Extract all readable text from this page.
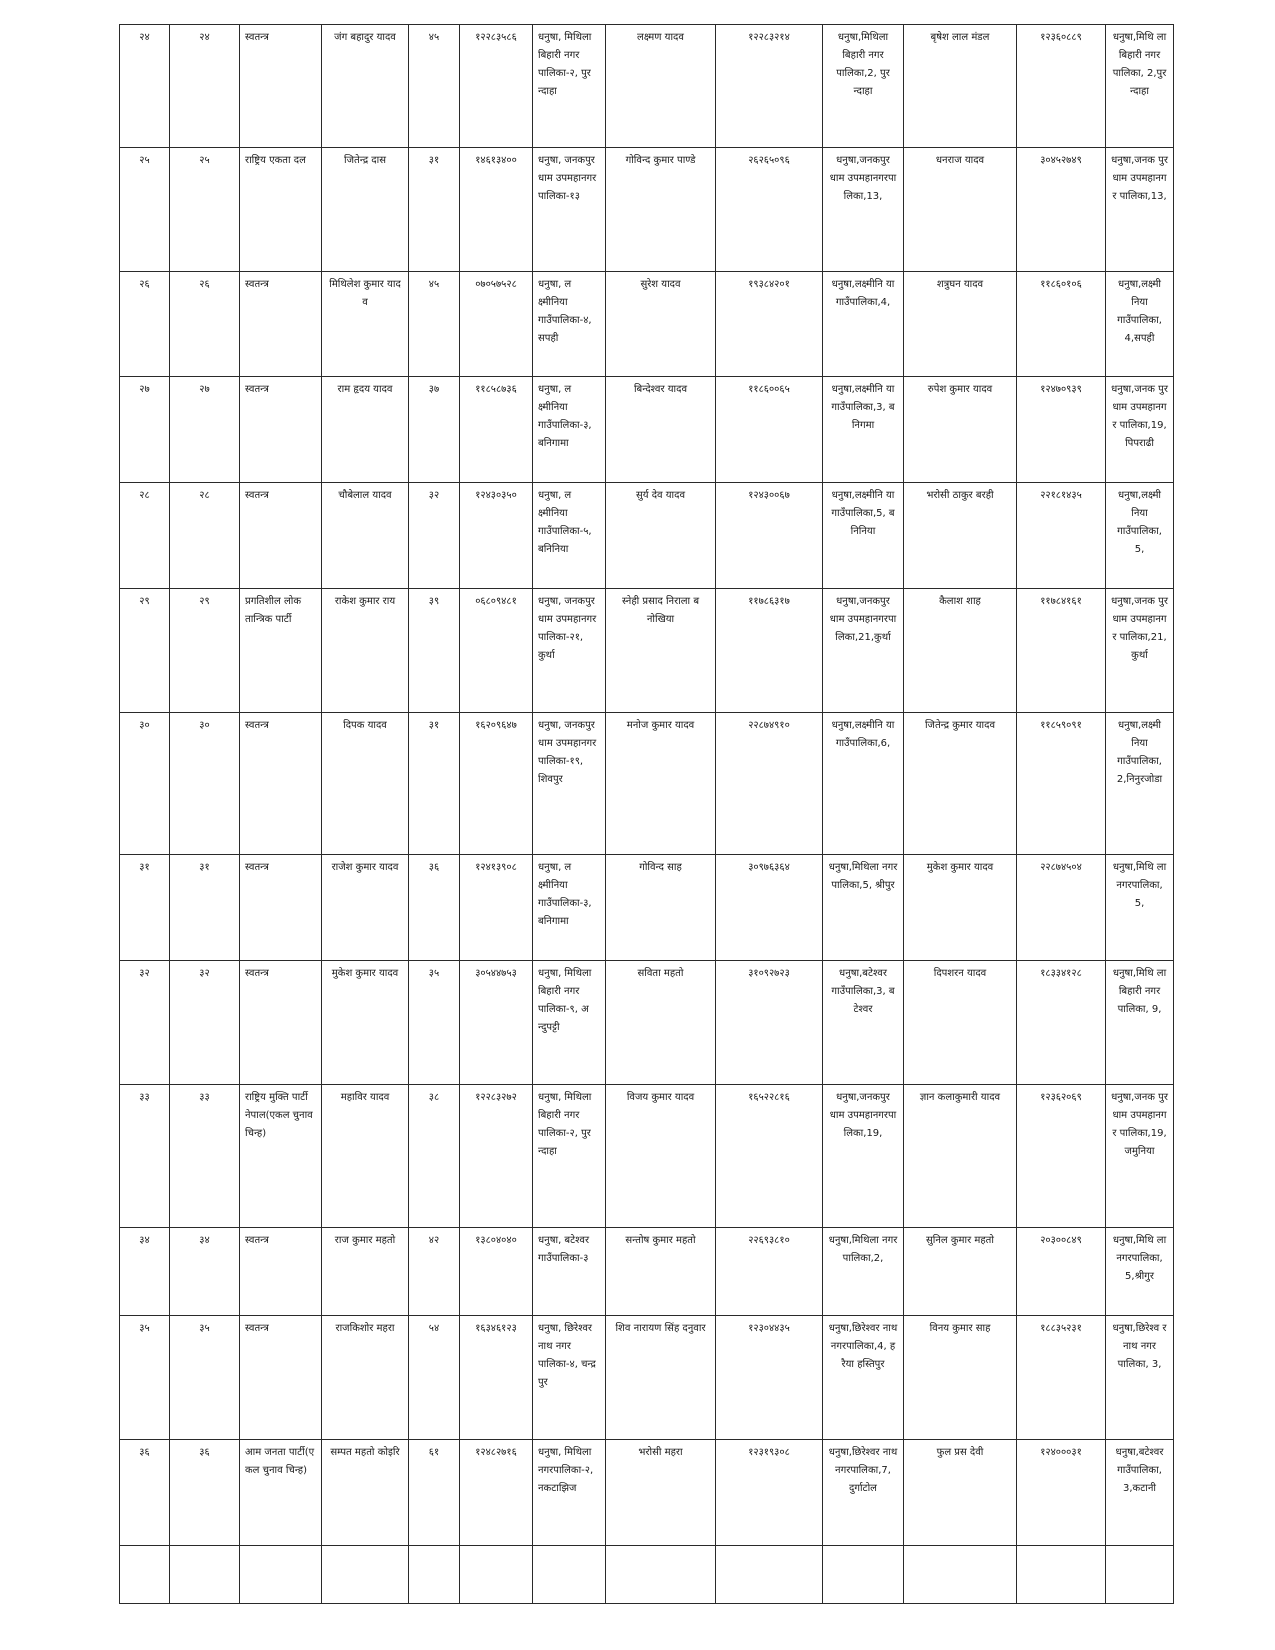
२४	२४	स्वतन्त्र	जंग बहादुर यादव	४५	१२२८३५८६	धनुषा, मिथिला बिहारी नगरपालिका-२, पुरन्दाहा	लक्ष्मण यादव	१२२८३२१४	धनुषा,मिथिला बिहारी नगरपालिका,2, पुरन्दाहा	बृषेश लाल मंडल	१२३६०८८९	धनुषा,मिथि ला बिहारी नगरपालिका, 2,पुरन्दाहा
२५	२५	राष्ट्रिय एकता दल	जितेन्द्र दास	३१	१४६१३४००	धनुषा, जनकपुरधाम उपमहानगरपालिका-१३	गोविन्द कुमार पाण्डे	२६२६५०९६	धनुषा,जनकपुर धाम उपमहानगरपा लिका,13,	धनराज यादव	३०४५२७४९	धनुषा,जनक पुरधाम उपमहानगर पालिका,13,
२६	२६	स्वतन्त्र	मिथिलेश कुमार यादव	४५	०७०५७५२८	धनुषा, लक्ष्मीनिया गाउँपालिका-४, सपही	सुरेश यादव	१९३८४२०१	धनुषा,लक्ष्मीनि या गाउँपालिका,4,	शत्रुघन यादव	११८६०१०६	धनुषा,लक्ष्मी निया गाउँपालिका, 4,सपही
२७	२७	स्वतन्त्र	राम हृदय यादव	३७	११८५८७३६	धनुषा, लक्ष्मीनिया गाउँपालिका-३, बनिगामा	बिन्देश्वर यादव	११८६००६५	धनुषा,लक्ष्मीनि या गाउँपालिका,3, बनिगमा	रुपेश कुमार यादव	१२४७०९३९	धनुषा,जनक पुरधाम उपमहानगर पालिका,19, पिपराढी
२८	२८	स्वतन्त्र	चौबेलाल यादव	३२	१२४३०३५०	धनुषा, लक्ष्मीनिया गाउँपालिका-५, बनिनिया	सुर्य देव यादव	१२४३००६७	धनुषा,लक्ष्मीनि या गाउँपालिका,5, बनिनिया	भरोसी ठाकुर बरही	२२१८१४३५	धनुषा,लक्ष्मी निया गाउँपालिका, 5,
२९	२९	प्रगतिशील लोकतान्त्रिक पार्टी	राकेश कुमार राय	३९	०६८०९४८१	धनुषा, जनकपुरधाम उपमहानगरपालिका-२१, कुर्था	स्नेही प्रसाद निराला बनोखिया	११७८६३१७	धनुषा,जनकपुर धाम उपमहानगरपा लिका,21,कुर्था	कैलाश शाह	११७८४१६१	धनुषा,जनक पुरधाम उपमहानगर पालिका,21, कुर्था
३०	३०	स्वतन्त्र	दिपक यादव	३१	१६२०९६४७	धनुषा, जनकपुरधाम उपमहानगरपालिका-१९, शिवपुर	मनोज कुमार यादव	२२८७४९१०	धनुषा,लक्ष्मीनि या गाउँपालिका,6,	जितेन्द्र कुमार यादव	११८५९०९१	धनुषा,लक्ष्मी निया गाउँपालिका, 2,निनुरजोडा
३१	३१	स्वतन्त्र	राजेश कुमार यादव	३६	१२४१३९०८	धनुषा, लक्ष्मीनिया गाउँपालिका-३, बनिगामा	गोविन्द साह	३०९७६३६४	धनुषा,मिथिला नगरपालिका,5, श्रीपुर	मुकेश कुमार यादव	२२८७४५०४	धनुषा,मिथि ला नगरपालिका, 5,
३२	३२	स्वतन्त्र	मुकेश कुमार यादव	३५	३०५४४७५३	धनुषा, मिथिला बिहारी नगरपालिका-९, अन्दुपट्टी	सविता महतो	३१०९२७२३	धनुषा,बटेश्वर गाउँपालिका,3, बटेश्वर	दिपशरन यादव	१८३३४१२८	धनुषा,मिथि ला बिहारी नगरपालिका, 9,
३३	३३	राष्ट्रिय मुक्ति पार्टी नेपाल(एकल चुनाव चिन्ह)	महाविर यादव	३८	१२२८३२७२	धनुषा, मिथिला बिहारी नगरपालिका-२, पुरन्दाहा	विजय कुमार यादव	१६५२२८१६	धनुषा,जनकपुर धाम उपमहानगरपा लिका,19,	ज्ञान कलाकुमारी यादव	१२३६२०६९	धनुषा,जनक पुरधाम उपमहानगर पालिका,19, जमुनिया
३४	३४	स्वतन्त्र	राज कुमार महतो	४२	१३८०४०४०	धनुषा, बटेश्वर गाउँपालिका-३	सन्तोष कुमार महतो	२२६९३८१०	धनुषा,मिथिला नगरपालिका,2,	सुनिल कुमार महतो	२०३००८४९	धनुषा,मिथि ला नगरपालिका, 5,श्रीगुर
३५	३५	स्वतन्त्र	राजकिशोर महरा	५४	१६३४६१२३	धनुषा, छिरेश्वरनाथ नगरपालिका-४, चन्द्रपुर	शिव नारायण सिंह दनुवार	१२३०४४३५	धनुषा,छिरेश्वर नाथ नगरपालिका,4, हरैया हस्तिपुर	विनय कुमार साह	१८८३५२३१	धनुषा,छिरेश्व रनाथ नगरपालिका, 3,
३६	३६	आम जनता पार्टी(एकल चुनाव चिन्ह)	सम्पत महतो कोइरि	६१	१२४८२७१६	धनुषा, मिथिला नगरपालिका-२, नकटाझिज	भरोसी महरा	१२३१९३०८	धनुषा,छिरेश्वर नाथ नगरपालिका,7, दुर्गाटोल	फुल प्रस देवी	१२४०००३१	धनुषा,बटेश्वर गाउँपालिका, 3,कटानी
